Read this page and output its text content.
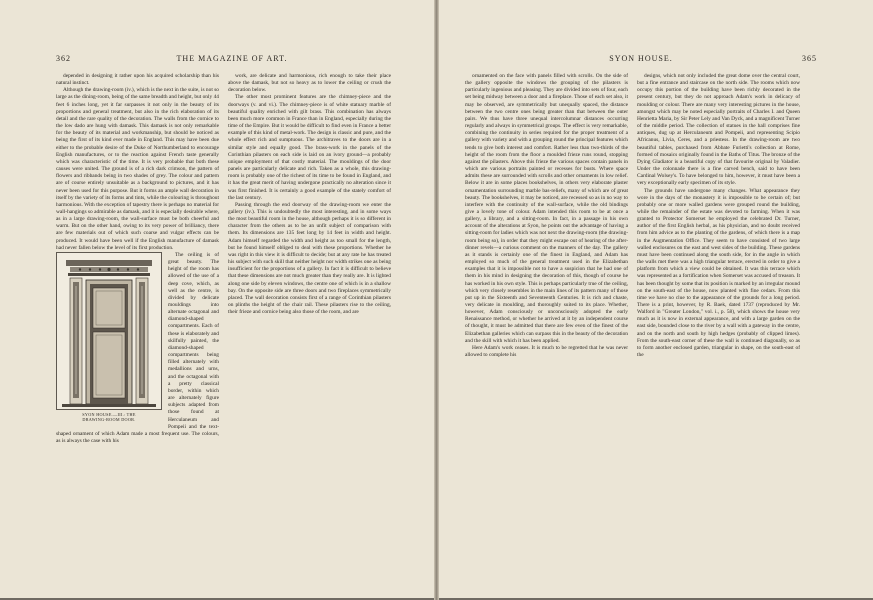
362	THE MAGAZINE OF ART.

depended in designing it rather upon his acquired scholarship than his natural instinct.

Although the drawing-room (iv.), which is the next in the suite, is not so large as the dining-room, being of the same breadth and height, but only 44 feet 6 inches long, yet it far surpasses it not only in the beauty of its proportions and general treatment, but also in the rich elaboration of its detail and the rare quality of the decoration. The walls from the cornice to the low dado are hung with damask. This damask is not only remarkable for the beauty of its material and workmanship, but should be noticed as being the first of its kind ever made in England. This may have been due either to the probable desire of the Duke of Northumberland to encourage English manufactures, or to the reaction against French taste generally which was characteristic of the time. It is very probable that both these causes were united. The ground is of a rich dark crimson, the pattern of flowers and ribbands being in two shades of grey. The colour and pattern are of course entirely unsuitable as a background to pictures, and it has never been used for this purpose. But it forms an ample wall decoration in itself by the variety of its forms and tints, while the colouring is throughout harmonious. With the exception of tapestry there is perhaps no material for wall-hangings so admirable as damask, and it is especially desirable where, as in a large drawing-room, the wall-surface must be both cheerful and warm. But on the other hand, owing to its very power of brilliancy, there are few materials out of which such coarse and vulgar effects can be produced. It would have been well if the English manufacture of damask had never fallen below the level of its first production.

SYON HOUSE.—III.: THE
DRAWING-ROOM DOOR.

The ceiling is of great beauty. The height of the room has allowed of the use of a deep cove, which, as well as the centre, is divided by delicate mouldings into alternate octagonal and diamond-shaped compartments. Each of these is elaborately and skilfully painted, the diamond-shaped compartments being filled alternately with medallions and urns, and the octagonal with a pretty classical border, within which are alternately figure subjects adapted from those found at Herculaneum and Pompeii and the text-shaped ornament of which Adam made a most frequent use. The colours, as is always the case with his

work, are delicate and harmonious, rich enough to take their place above the damask, but not so heavy as to lower the ceiling or crush the decoration below.

The other most prominent features are the chimney-piece and the doorways (v. and vi.). The chimney-piece is of white statuary marble of beautiful quality enriched with gilt brass. This combination has always been much more common in France than in England, especially during the time of the Empire. But it would be difficult to find even in France a better example of this kind of metal-work. The design is classic and pure, and the whole effect rich and sumptuous. The architraves to the doors are in a similar style and equally good. The brass-work in the panels of the Corinthian pilasters on each side is laid on an ivory ground—a probably unique employment of that costly material. The mouldings of the door panels are particularly delicate and rich. Taken as a whole, this drawing-room is probably one of the richest of its time to be found in England, and it has the great merit of having undergone practically no alteration since it was first finished. It is certainly a good example of the stately comfort of the last century.

Passing through the end doorway of the drawing-room we enter the gallery (iv.). This is undoubtedly the most interesting, and in some ways the most beautiful room in the house, although perhaps it is so different in character from the others as to be an unfit subject of comparison with them. Its dimensions are 135 feet long by 14 feet in width and height. Adam himself regarded the width and height as too small for the length, but he found himself obliged to deal with these proportions. Whether he was right in this view it is difficult to decide; but at any rate he has treated his subject with such skill that neither height nor width strikes one as being insufficient for the proportions of a gallery. In fact it is difficult to believe that these dimensions are not much greater than they really are. It is lighted along one side by eleven windows, the centre one of which is in a shallow bay. On the opposite side are three doors and two fireplaces symmetrically placed. The wall decoration consists first of a range of Corinthian pilasters on plinths the height of the chair rail. These pilasters rise to the ceiling, their frieze and cornice being also those of the room, and are

SYON HOUSE.	365

ornamented on the face with panels filled with scrolls. On the side of the gallery opposite the windows the grouping of the pilasters is particularly ingenious and pleasing. They are divided into sets of four, each set being midway between a door and a fireplace. Those of each set also, it may be observed, are symmetrically but unequally spaced, the distance between the two centre ones being greater than that between the outer pairs. We thus have three unequal intercolumnar distances occurring regularly and always in symmetrical groups. The effect is very remarkable, combining the continuity in series required for the proper treatment of a gallery with variety and with a grouping round the principal features which tends to give both interest and comfort. Rather less than two-thirds of the height of the room from the floor a moulded frieze runs round, stopping against the pilasters. Above this frieze the various spaces contain panels in which are various portraits painted or recesses for busts. Where space admits these are surrounded with scrolls and other ornaments in low relief. Below it are in some places bookshelves, in others very elaborate plaster ornamentation surrounding marble bas-reliefs, many of which are of great beauty. The bookshelves, it may be noticed, are recessed so as in no way to interfere with the continuity of the wall-surface, while the old bindings give a lovely tone of colour. Adam intended this room to be at once a gallery, a library, and a sitting-room. In fact, in a passage in his own account of the alterations at Syon, he points out the advantage of having a sitting-room for ladies which was not next the drawing-room (the drawing-room being so), in order that they might escape out of hearing of the after-dinner revels—a curious comment on the manners of the day. The gallery as it stands is certainly one of the finest in England, and Adam has employed so much of the general treatment used in the Elizabethan examples that it is impossible not to have a suspicion that he had one of them in his mind in designing the decoration of this, though of course he has worked in his own style. This is perhaps particularly true of the ceiling, which very closely resembles in the main lines of its pattern many of those put up in the Sixteenth and Seventeenth Centuries. It is rich and chaste, very delicate in moulding, and thoroughly suited to its place. Whether, however, Adam consciously or unconsciously adopted the early Renaissance method, or whether he arrived at it by an independent course of thought, it must be admitted that there are few even of the finest of the Elizabethan galleries which can surpass this in the beauty of the decoration and the skill with which it has been applied.

Here Adam's work ceases. It is much to be regretted that he was never allowed to complete his

designs, which not only included the great dome over the central court, but a fine entrance and staircase on the north side. The rooms which now occupy this portion of the building have been richly decorated in the present century, but they do not approach Adam's work in delicacy of moulding or colour. There are many very interesting pictures in the house, amongst which may be noted especially portraits of Charles I. and Queen Henrietta Maria, by Sir Peter Lely and Van Dyck, and a magnificent Turner of the middle period. The collection of statues in the hall comprises fine antiques, dug up at Herculaneum and Pompeii, and representing Scipio Africanus, Livia, Ceres, and a priestess. In the drawing-room are two beautiful tables, purchased from Abbate Furietti's collection at Rome, formed of mosaics originally found in the Baths of Titus. The bronze of the Dying Gladiator is a beautiful copy of that favourite original by Valadier. Under the colonnade there is a fine carved bench, said to have been Cardinal Wolsey's. To have belonged to him, however, it must have been a very exceptionally early specimen of its style.

The grounds have undergone many changes. What appearance they wore in the days of the monastery it is impossible to be certain of; but probably one or more walled gardens were grouped round the building, while the remainder of the estate was devoted to farming. When it was granted to Protector Somerset he employed the celebrated Dr. Turner, author of the first English herbal, as his physician, and no doubt received from him advice as to the planting of the gardens, of which there is a map in the Augmentation Office. They seem to have consisted of two large walled enclosures on the east and west sides of the building. These gardens must have been continued along the south side, for in the angle in which the walls met there was a high triangular terrace, erected in order to give a platform from which a view could be obtained. It was this terrace which was represented as a fortification when Somerset was accused of treason. It has been thought by some that its position is marked by an irregular mound on the south-east of the house, now planted with fine cedars. From this time we have no clue to the appearance of the grounds for a long period. There is a print, however, by R. Baek, dated 1737 (reproduced by Mr. Walford in "Greater London," vol. i., p. 58), which shows the house very much as it is now in external appearance, and with a large garden on the east side, bounded close to the river by a wall with a gateway in the centre, and on the north and south by high hedges (probably of clipped limes). From the south-east corner of these the wall is continued diagonally, so as to form another enclosed garden, triangular in shape, on the south-east of the
